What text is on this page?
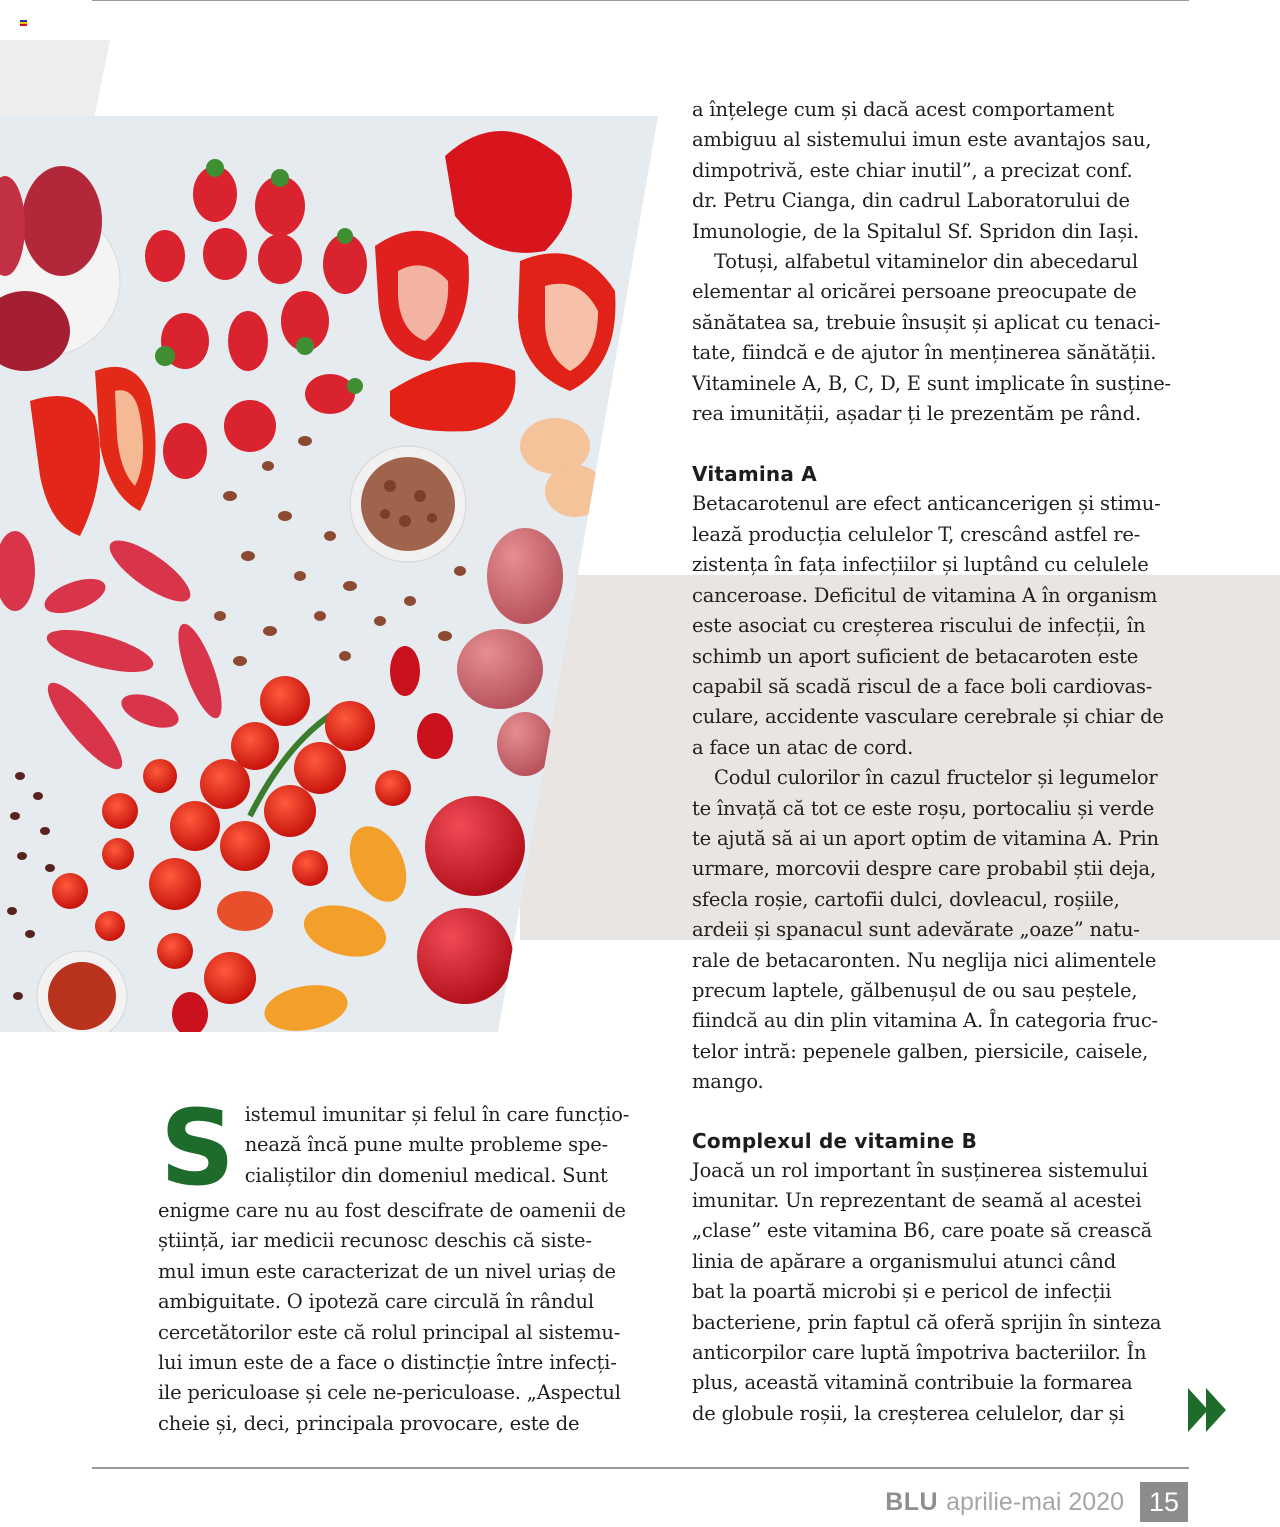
S istemul imunitar și felul în care funcțio-
nează încă pune multe probleme spe-
cialiștilor din domeniul medical. Sunt
enigme care nu au fost descifrate de oamenii de
știință, iar medicii recunosc deschis că siste-
mul imun este caracterizat de un nivel uriaș de
ambiguitate. O ipoteză care circulă în rândul
cercetătorilor este că rolul principal al sistemu-
lui imun este de a face o distincție între infecți-
ile periculoase și cele ne-periculoase. „Aspectul
cheie și, deci, principala provocare, este de

a înțelege cum și dacă acest comportament
ambiguu al sistemului imun este avantajos sau,
dimpotrivă, este chiar inutil”, a precizat conf.
dr. Petru Cianga, din cadrul Laboratorului de
Imunologie, de la Spitalul Sf. Spridon din Iași.

Totuși, alfabetul vitaminelor din abecedarul
elementar al oricărei persoane preocupate de
sănătatea sa, trebuie însușit și aplicat cu tenaci-
tate, fiindcă e de ajutor în menținerea sănătății.
Vitaminele A, B, C, D, E sunt implicate în susține-
rea imunității, așadar ți le prezentăm pe rând.

Vitamina A

Betacarotenul are efect anticancerigen și stimu-
lează producția celulelor T, crescând astfel re-
zistența în fața infecțiilor și luptând cu celulele
canceroase. Deficitul de vitamina A în organism
este asociat cu creșterea riscului de infecții, în
schimb un aport suficient de betacaroten este
capabil să scadă riscul de a face boli cardiovas-
culare, accidente vasculare cerebrale și chiar de
a face un atac de cord.

Codul culorilor în cazul fructelor și legumelor
te învață că tot ce este roșu, portocaliu și verde
te ajută să ai un aport optim de vitamina A. Prin
urmare, morcovii despre care probabil știi deja,
sfecla roșie, cartofii dulci, dovleacul, roșiile,
ardeii și spanacul sunt adevărate „oaze” natu-
rale de betacaronten. Nu neglija nici alimentele
precum laptele, gălbenușul de ou sau peștele,
fiindcă au din plin vitamina A. În categoria fruc-
telor intră: pepenele galben, piersicile, caisele,
mango.

Complexul de vitamine B

Joacă un rol important în susținerea sistemului
imunitar. Un reprezentant de seamă al acestei
„clase” este vitamina B6, care poate să crească
linia de apărare a organismului atunci când
bat la poartă microbi și e pericol de infecții
bacteriene, prin faptul că oferă sprijin în sinteza
anticorpilor care luptă împotriva bacteriilor. În
plus, această vitamină contribuie la formarea
de globule roșii, la creșterea celulelor, dar și

BLU aprilie-mai 2020 15
